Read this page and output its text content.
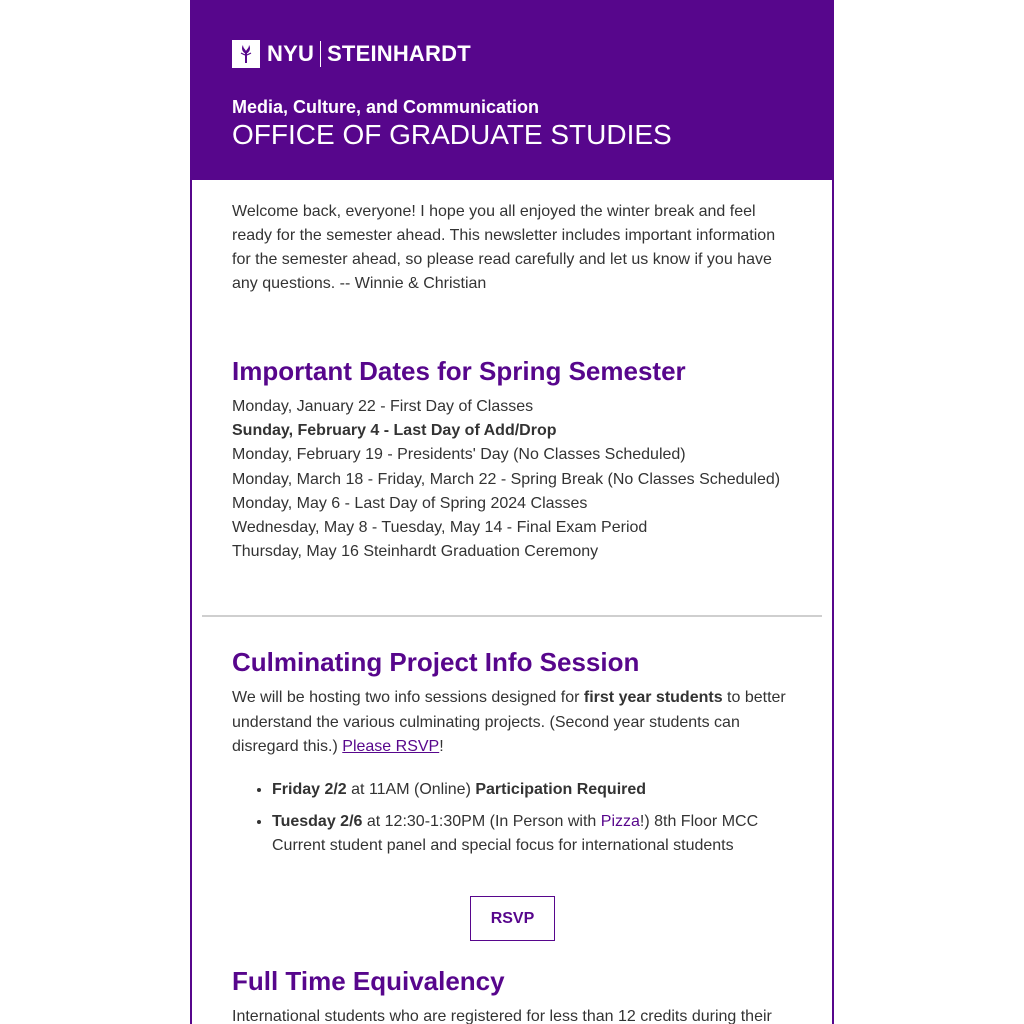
NYU STEINHARDT
Media, Culture, and Communication
OFFICE OF GRADUATE STUDIES

Welcome back, everyone! I hope you all enjoyed the winter break and feel ready for the semester ahead. This newsletter includes important information for the semester ahead, so please read carefully and let us know if you have any questions. -- Winnie & Christian

Important Dates for Spring Semester
Monday, January 22 - First Day of Classes
Sunday, February 4 - Last Day of Add/Drop
Monday, February 19 - Presidents' Day (No Classes Scheduled)
Monday, March 18 - Friday, March 22 - Spring Break (No Classes Scheduled)
Monday, May 6 - Last Day of Spring 2024 Classes
Wednesday, May 8 - Tuesday, May 14 - Final Exam Period
Thursday, May 16 Steinhardt Graduation Ceremony
Culminating Project Info Session

We will be hosting two info sessions designed for first year students to better understand the various culminating projects. (Second year students can disregard this.) Please RSVP!

• Friday 2/2 at 11AM (Online) Participation Required
• Tuesday 2/6 at 12:30-1:30PM (In Person with Pizza!) 8th Floor MCC
Current student panel and special focus for international students
RSVP
Full Time Equivalency

International students who are registered for less than 12 credits during their
